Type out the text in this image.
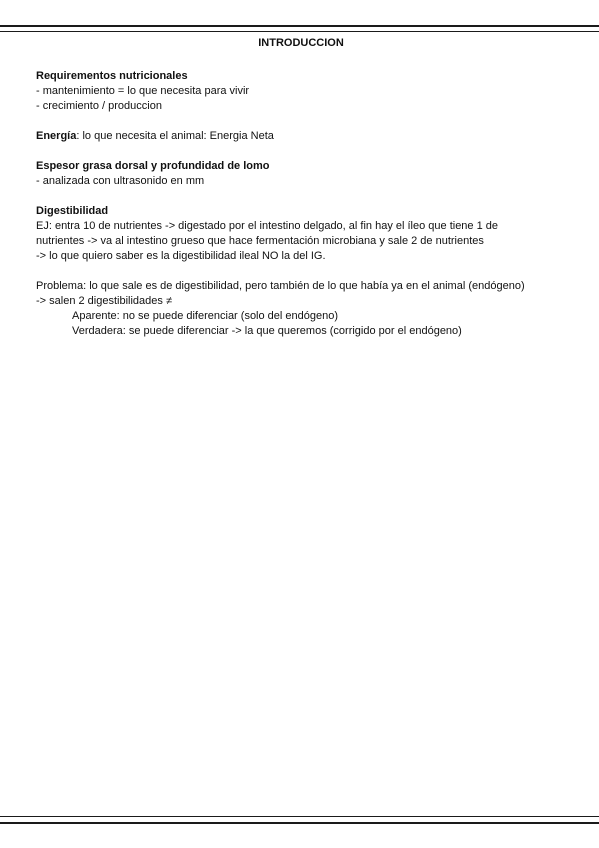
INTRODUCCION

Requirementos nutricionales

- mantenimiento = lo que necesita para vivir

- crecimiento / produccion

Energía: lo que necesita el animal: Energia Neta

Espesor grasa dorsal y profundidad de lomo

- analizada con ultrasonido en mm

Digestibilidad

EJ: entra 10 de nutrientes -> digestado por el intestino delgado, al fin hay el íleo que tiene 1 de

nutrientes -> va al intestino grueso que hace fermentación microbiana y sale 2 de nutrientes

-> lo que quiero saber es la digestibilidad ileal NO la del IG.

Problema: lo que sale es de digestibilidad, pero también de lo que había ya en el animal (endógeno)

-> salen 2 digestibilidades ≠

Aparente: no se puede diferenciar (solo del endógeno)

Verdadera: se puede diferenciar -> la que queremos (corrigido por el endógeno)
